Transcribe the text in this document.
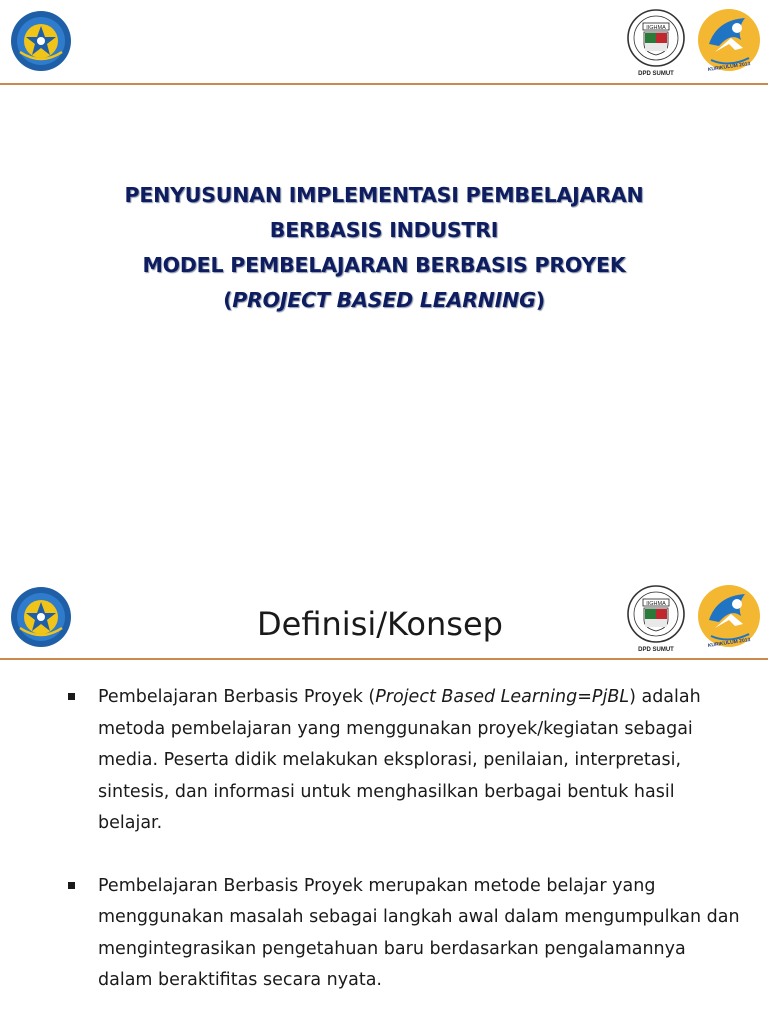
IIGHMA
DPD SUMUT
KURIKULUM 2013
PENYUSUNAN IMPLEMENTASI PEMBELAJARAN
BERBASIS INDUSTRI
MODEL PEMBELAJARAN BERBASIS PROYEK
(PROJECT BASED LEARNING)
IIGHMA
DPD SUMUT
KURIKULUM 2013
Definisi/Konsep
Pembelajaran Berbasis Proyek (Project Based Learning=PjBL) adalah metoda pembelajaran yang menggunakan proyek/kegiatan sebagai media. Peserta didik melakukan eksplorasi, penilaian, interpretasi, sintesis, dan informasi untuk menghasilkan berbagai bentuk hasil belajar.
Pembelajaran Berbasis Proyek merupakan metode belajar yang menggunakan masalah sebagai langkah awal dalam mengumpulkan dan mengintegrasikan pengetahuan baru berdasarkan pengalamannya dalam beraktifitas secara nyata.
